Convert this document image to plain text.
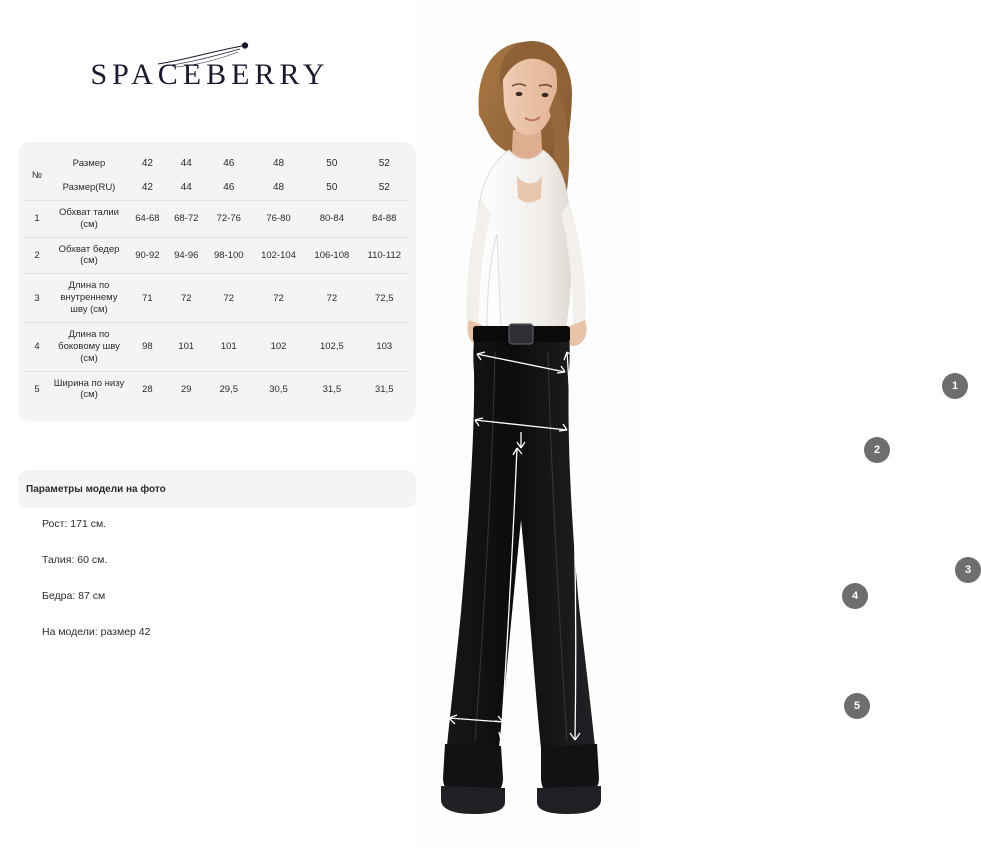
SPACEBERRY
№	Размер	42	44	46	48	50	52
	Размер(RU)	42	44	46	48	50	52
1	Обхват талии (см)	64-68	68-72	72-76	76-80	80-84	84-88
2	Обхват бедер (см)	90-92	94-96	98-100	102-104	106-108	110-112
3	Длина по внутреннему шву (см)	71	72	72	72	72	72,5
4	Длина по боковому шву (см)	98	101	101	102	102,5	103
5	Ширина по низу (см)	28	29	29,5	30,5	31,5	31,5
Параметры модели на фото
Рост: 171 см.
Талия: 60 см.
Бедра: 87 см
На модели: размер 42
1
2
3
4
5
